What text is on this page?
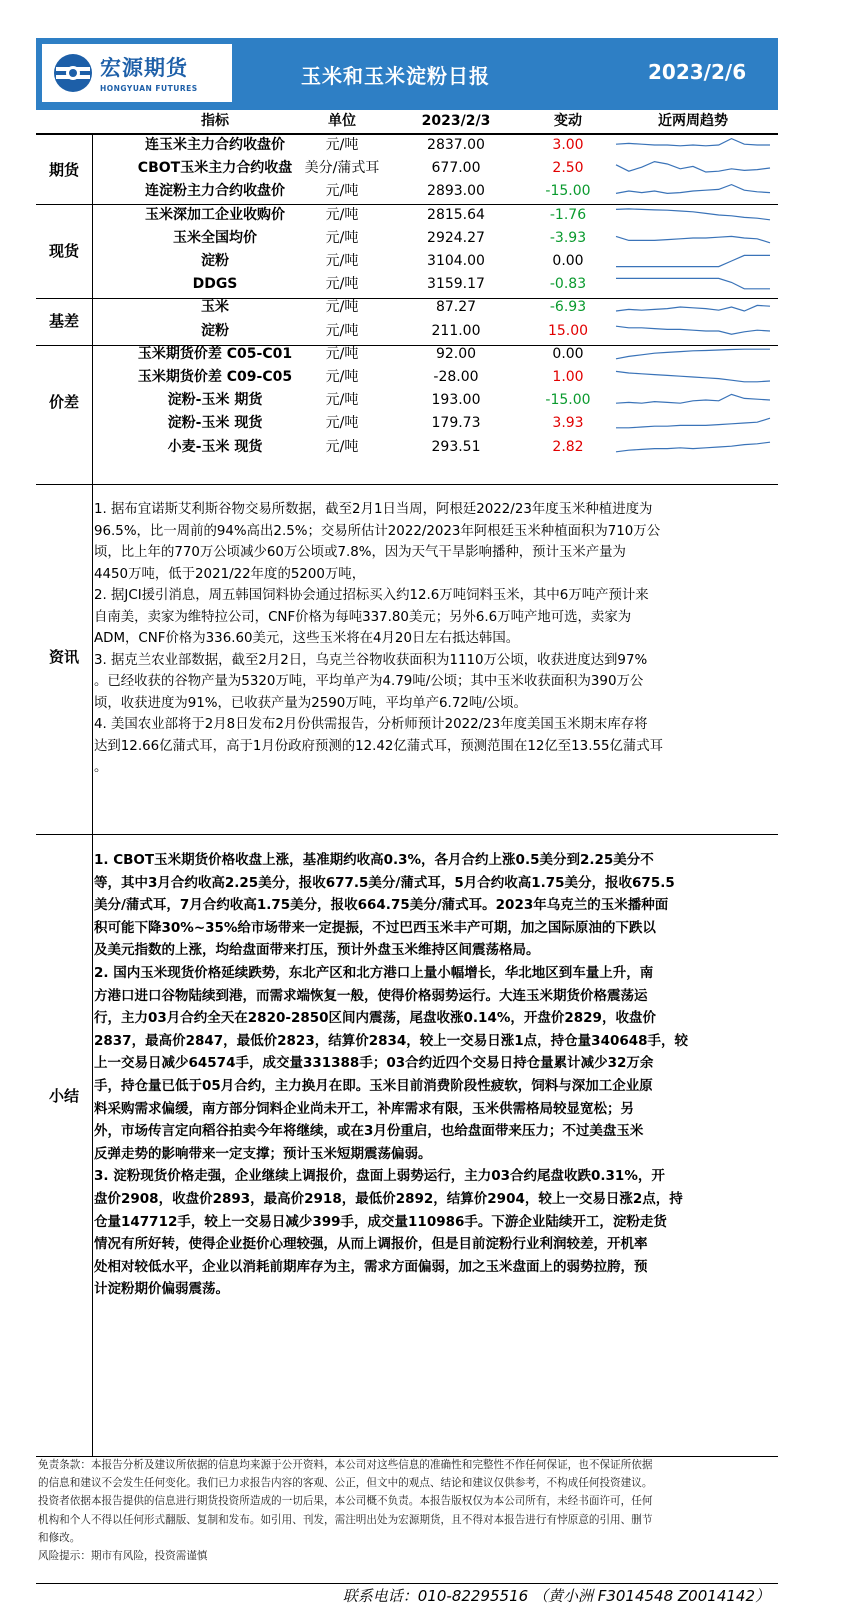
宏源期货
HONGYUAN FUTURES
玉米和玉米淀粉日报	2023/2/6
指标	单位	2023/2/3	变动	近两周趋势
连玉米主力合约收盘价	元/吨	2837.00	3.00
CBOT玉米主力合约收盘 美分/蒲式耳	677.00	2.50
连淀粉主力合约收盘价	元/吨	2893.00	-15.00
期货
玉米深加工企业收购价	元/吨	2815.64	-1.76
玉米全国均价	元/吨	2924.27	-3.93
淀粉	元/吨	3104.00	0.00
DDGS	元/吨	3159.17	-0.83
现货
玉米	元/吨	87.27	-6.93
淀粉	元/吨	211.00	15.00
基差
玉米期货价差 C05-C01	元/吨	92.00	0.00
玉米期货价差 C09-C05	元/吨	-28.00	1.00
淀粉-玉米 期货	元/吨	193.00	-15.00
淀粉-玉米 现货	元/吨	179.73	3.93
小麦-玉米 现货	元/吨	293.51	2.82
价差
资讯
1. 据布宜诺斯艾利斯谷物交易所数据，截至2月1日当周，阿根廷2022/23年度玉米种植进度为
96.5%，比一周前的94%高出2.5%；交易所估计2022/2023年阿根廷玉米种植面积为710万公
顷，比上年的770万公顷减少60万公顷或7.8%，因为天气干旱影响播种，预计玉米产量为
4450万吨，低于2021/22年度的5200万吨，
2. 据JCI援引消息，周五韩国饲料协会通过招标买入约12.6万吨饲料玉米，其中6万吨产预计来
自南美，卖家为维特拉公司，CNF价格为每吨337.80美元；另外6.6万吨产地可选，卖家为
ADM，CNF价格为336.60美元，这些玉米将在4月20日左右抵达韩国。
3. 据克兰农业部数据，截至2月2日，乌克兰谷物收获面积为1110万公顷，收获进度达到97%
。已经收获的谷物产量为5320万吨，平均单产为4.79吨/公顷；其中玉米收获面积为390万公
顷，收获进度为91%，已收获产量为2590万吨，平均单产6.72吨/公顷。
4. 美国农业部将于2月8日发布2月份供需报告，分析师预计2022/23年度美国玉米期末库存将
达到12.66亿蒲式耳，高于1月份政府预测的12.42亿蒲式耳，预测范围在12亿至13.55亿蒲式耳
。
小结
1. CBOT玉米期货价格收盘上涨，基准期约收高0.3%，各月合约上涨0.5美分到2.25美分不
等，其中3月合约收高2.25美分，报收677.5美分/蒲式耳，5月合约收高1.75美分，报收675.5
美分/蒲式耳，7月合约收高1.75美分，报收664.75美分/蒲式耳。2023年乌克兰的玉米播种面
积可能下降30%~35%给市场带来一定提振，不过巴西玉米丰产可期，加之国际原油的下跌以
及美元指数的上涨，均给盘面带来打压，预计外盘玉米维持区间震荡格局。
2. 国内玉米现货价格延续跌势，东北产区和北方港口上量小幅增长，华北地区到车量上升，南
方港口进口谷物陆续到港，而需求端恢复一般，使得价格弱势运行。大连玉米期货价格震荡运
行，主力03月合约全天在2820-2850区间内震荡，尾盘收涨0.14%，开盘价2829，收盘价
2837，最高价2847，最低价2823，结算价2834，较上一交易日涨1点，持仓量340648手，较
上一交易日减少64574手，成交量331388手；03合约近四个交易日持仓量累计减少32万余
手，持仓量已低于05月合约，主力换月在即。玉米目前消费阶段性疲软，饲料与深加工企业原
料采购需求偏缓，南方部分饲料企业尚未开工，补库需求有限，玉米供需格局较显宽松；另
外，市场传言定向稻谷拍卖今年将继续，或在3月份重启，也给盘面带来压力；不过美盘玉米
反弹走势的影响带来一定支撑；预计玉米短期震荡偏弱。
3. 淀粉现货价格走强，企业继续上调报价，盘面上弱势运行，主力03合约尾盘收跌0.31%，开
盘价2908，收盘价2893，最高价2918，最低价2892，结算价2904，较上一交易日涨2点，持
仓量147712手，较上一交易日减少399手，成交量110986手。下游企业陆续开工，淀粉走货
情况有所好转，使得企业挺价心理较强，从而上调报价，但是目前淀粉行业利润较差，开机率
处相对较低水平，企业以消耗前期库存为主，需求方面偏弱，加之玉米盘面上的弱势拉胯，预
计淀粉期价偏弱震荡。
免责条款：本报告分析及建议所依据的信息均来源于公开资料，本公司对这些信息的准确性和完整性不作任何保证，也不保证所依据
的信息和建议不会发生任何变化。我们已力求报告内容的客观、公正，但文中的观点、结论和建议仅供参考，不构成任何投资建议。
投资者依据本报告提供的信息进行期货投资所造成的一切后果，本公司概不负责。本报告版权仅为本公司所有，未经书面许可，任何
机构和个人不得以任何形式翻版、复制和发布。如引用、刊发，需注明出处为宏源期货，且不得对本报告进行有悖原意的引用、删节
和修改。
风险提示：期市有风险，投资需谨慎
联系电话：010-82295516 （黄小洲 F3014548 Z0014142）
